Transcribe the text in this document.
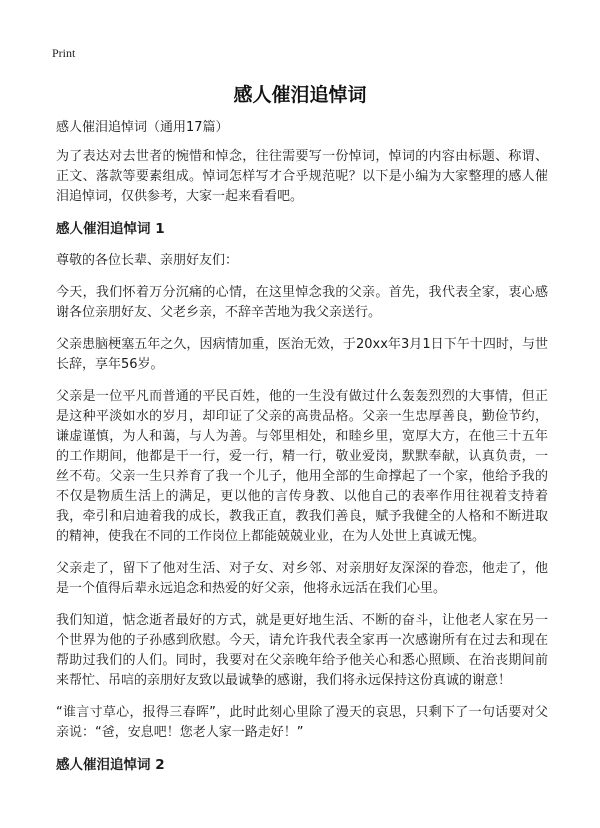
Print
感人催泪追悼词

感人催泪追悼词（通用17篇）

为了表达对去世者的惋惜和悼念，往往需要写一份悼词，悼词的内容由标题、称谓、正文、落款等要素组成。悼词怎样写才合乎规范呢？以下是小编为大家整理的感人催泪追悼词，仅供参考，大家一起来看看吧。

感人催泪追悼词 1

尊敬的各位长辈、亲朋好友们：

今天，我们怀着万分沉痛的心情，在这里悼念我的父亲。首先，我代表全家，衷心感谢各位亲朋好友、父老乡亲，不辞辛苦地为我父亲送行。

父亲患脑梗塞五年之久，因病情加重，医治无效，于20xx年3月1日下午十四时，与世长辞，享年56岁。

父亲是一位平凡而普通的平民百姓，他的一生没有做过什么轰轰烈烈的大事情，但正是这种平淡如水的岁月，却印证了父亲的高贵品格。父亲一生忠厚善良，勤俭节约，谦虚谨慎，为人和蔼，与人为善。与邻里相处，和睦乡里，宽厚大方，在他三十五年的工作期间，他都是干一行，爱一行，精一行，敬业爱岗，默默奉献，认真负责，一丝不苟。父亲一生只养育了我一个儿子，他用全部的生命撑起了一个家，他给予我的不仅是物质生活上的满足，更以他的言传身教、以他自己的表率作用往视着支持着我，牵引和启迪着我的成长，教我正直，教我们善良，赋予我健全的人格和不断进取的精神，使我在不同的工作岗位上都能兢兢业业，在为人处世上真诚无愧。

父亲走了，留下了他对生活、对子女、对乡邻、对亲朋好友深深的眷恋，他走了，他是一个值得后辈永远追念和热爱的好父亲，他将永远活在我们心里。

我们知道，惦念逝者最好的方式，就是更好地生活、不断的奋斗，让他老人家在另一个世界为他的子孙感到欣慰。今天，请允许我代表全家再一次感谢所有在过去和现在帮助过我们的人们。同时，我要对在父亲晚年给予他关心和悉心照顾、在治丧期间前来帮忙、吊唁的亲朋好友致以最诚挚的感谢，我们将永远保持这份真诚的谢意！

“谁言寸草心，报得三春晖”，此时此刻心里除了漫天的哀思，只剩下了一句话要对父亲说：“爸，安息吧！您老人家一路走好！”

感人催泪追悼词 2
